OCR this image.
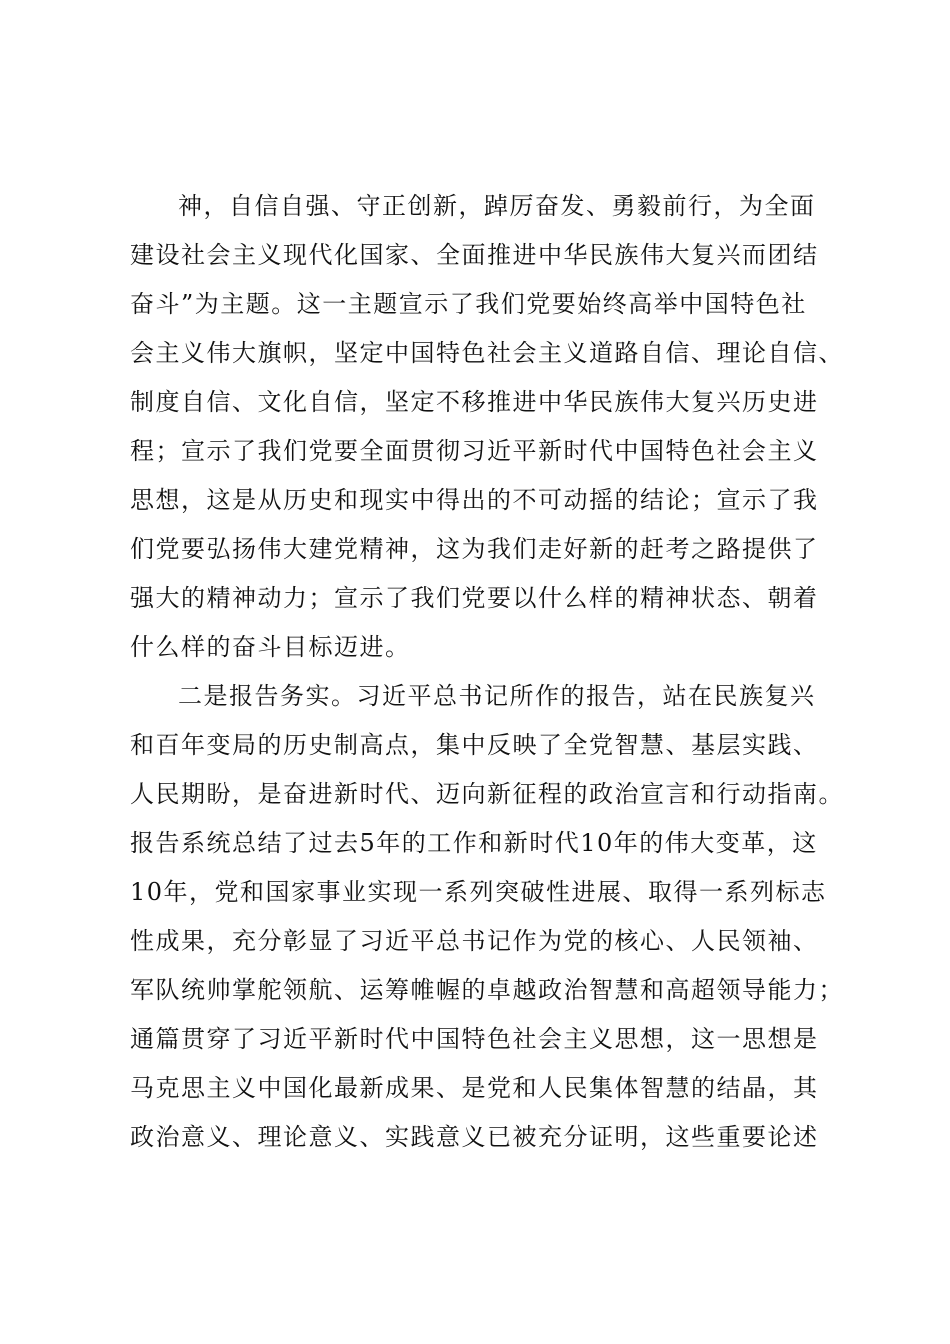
神，自信自强、守正创新，踔厉奋发、勇毅前行，为全面
建设社会主义现代化国家、全面推进中华民族伟大复兴而团结
奋斗”为主题。这一主题宣示了我们党要始终高举中国特色社
会主义伟大旗帜，坚定中国特色社会主义道路自信、理论自信、
制度自信、文化自信，坚定不移推进中华民族伟大复兴历史进
程；宣示了我们党要全面贯彻习近平新时代中国特色社会主义
思想，这是从历史和现实中得出的不可动摇的结论；宣示了我
们党要弘扬伟大建党精神，这为我们走好新的赶考之路提供了
强大的精神动力；宣示了我们党要以什么样的精神状态、朝着
什么样的奋斗目标迈进。
二是报告务实。习近平总书记所作的报告，站在民族复兴
和百年变局的历史制高点，集中反映了全党智慧、基层实践、
人民期盼，是奋进新时代、迈向新征程的政治宣言和行动指南。
报告系统总结了过去5年的工作和新时代10年的伟大变革，这
10年，党和国家事业实现一系列突破性进展、取得一系列标志
性成果，充分彰显了习近平总书记作为党的核心、人民领袖、
军队统帅掌舵领航、运筹帷幄的卓越政治智慧和高超领导能力；
通篇贯穿了习近平新时代中国特色社会主义思想，这一思想是
马克思主义中国化最新成果、是党和人民集体智慧的结晶，其
政治意义、理论意义、实践意义已被充分证明，这些重要论述
